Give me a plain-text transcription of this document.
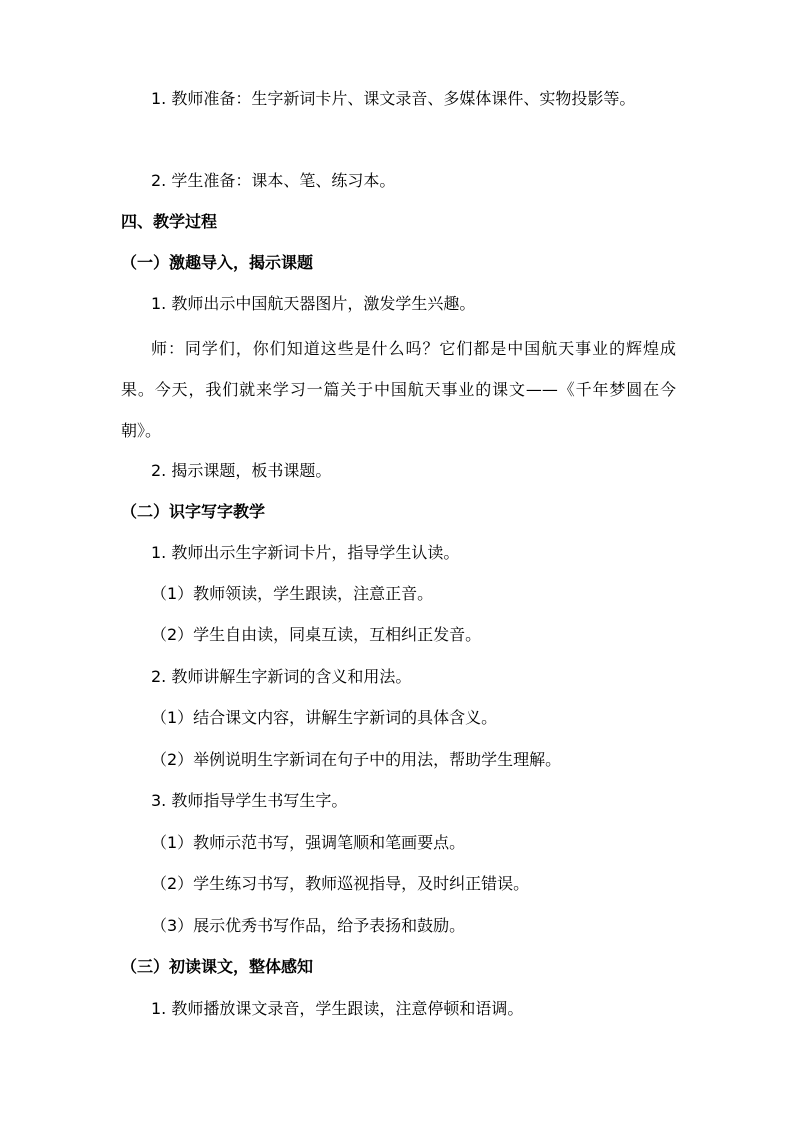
1. 教师准备：生字新词卡片、课文录音、多媒体课件、实物投影等。
2. 学生准备：课本、笔、练习本。
四、教学过程
（一）激趣导入，揭示课题
1. 教师出示中国航天器图片，激发学生兴趣。
师：同学们，你们知道这些是什么吗？它们都是中国航天事业的辉煌成果。今天，我们就来学习一篇关于中国航天事业的课文——《千年梦圆在今朝》。
2. 揭示课题，板书课题。
（二）识字写字教学
1. 教师出示生字新词卡片，指导学生认读。
（1）教师领读，学生跟读，注意正音。
（2）学生自由读，同桌互读，互相纠正发音。
2. 教师讲解生字新词的含义和用法。
（1）结合课文内容，讲解生字新词的具体含义。
（2）举例说明生字新词在句子中的用法，帮助学生理解。
3. 教师指导学生书写生字。
（1）教师示范书写，强调笔顺和笔画要点。
（2）学生练习书写，教师巡视指导，及时纠正错误。
（3）展示优秀书写作品，给予表扬和鼓励。
（三）初读课文，整体感知
1. 教师播放课文录音，学生跟读，注意停顿和语调。
